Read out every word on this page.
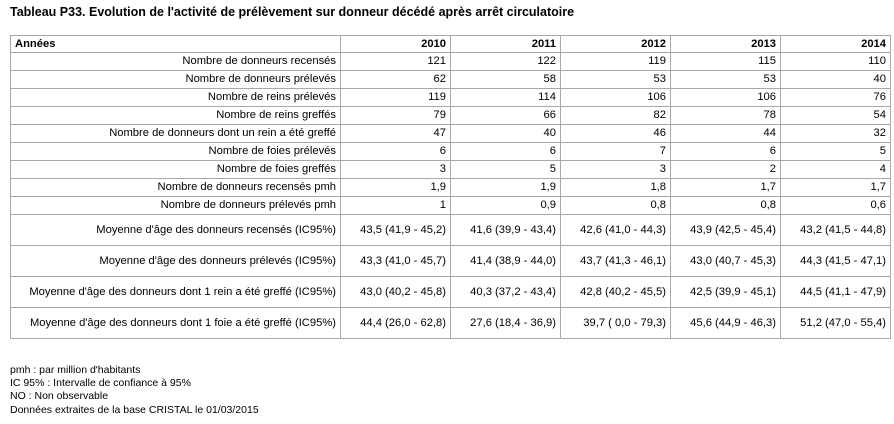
Tableau P33. Evolution de l'activité de prélèvement sur donneur décédé après arrêt circulatoire
Années	2010	2011	2012	2013	2014
Nombre de donneurs recensés	121	122	119	115	110
Nombre de donneurs prélevés	62	58	53	53	40
Nombre de reins prélevés	119	114	106	106	76
Nombre de reins greffés	79	66	82	78	54
Nombre de donneurs dont un rein a été greffé	47	40	46	44	32
Nombre de foies prélevés	6	6	7	6	5
Nombre de foies greffés	3	5	3	2	4
Nombre de donneurs recensés pmh	1,9	1,9	1,8	1,7	1,7
Nombre de donneurs prélevés pmh	1	0,9	0,8	0,8	0,6
Moyenne d'âge des donneurs recensés (IC95%)	43,5 (41,9 - 45,2)	41,6 (39,9 - 43,4)	42,6 (41,0 - 44,3)	43,9 (42,5 - 45,4)	43,2 (41,5 - 44,8)
Moyenne d'âge des donneurs prélevés (IC95%)	43,3 (41,0 - 45,7)	41,4 (38,9 - 44,0)	43,7 (41,3 - 46,1)	43,0 (40,7 - 45,3)	44,3 (41,5 - 47,1)
Moyenne d'âge des donneurs dont 1 rein a été greffé (IC95%)	43,0 (40,2 - 45,8)	40,3 (37,2 - 43,4)	42,8 (40,2 - 45,5)	42,5 (39,9 - 45,1)	44,5 (41,1 - 47,9)
Moyenne d'âge des donneurs dont 1 foie a été greffé (IC95%)	44,4 (26,0 - 62,8)	27,6 (18,4 - 36,9)	39,7 ( 0,0 - 79,3)	45,6 (44,9 - 46,3)	51,2 (47,0 - 55,4)
pmh : par million d'habitants
IC 95% : Intervalle de confiance à 95%
NO : Non observable
Données extraites de la base CRISTAL le 01/03/2015
